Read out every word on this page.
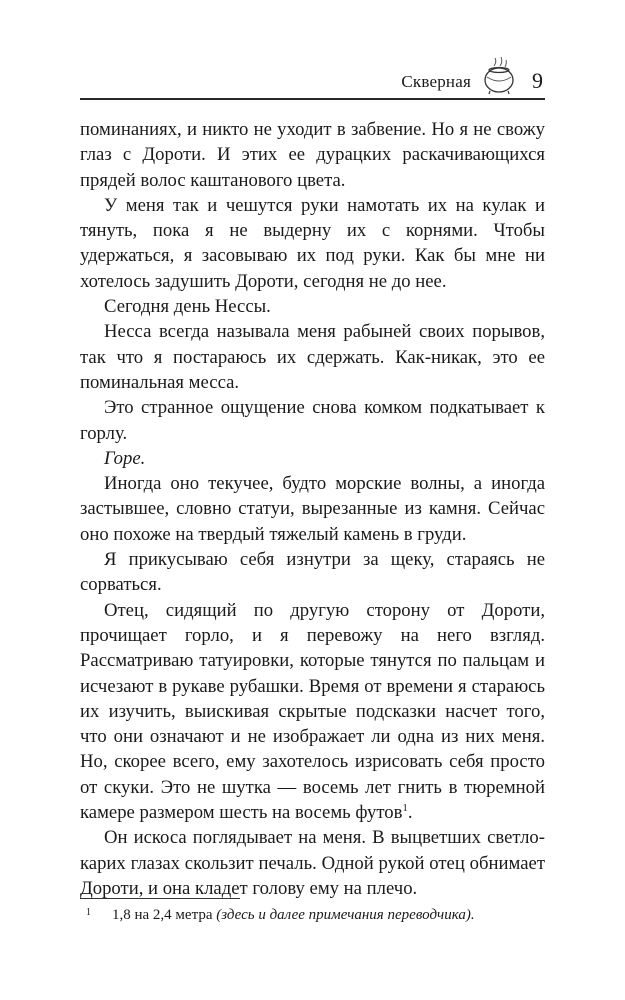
Скверная	9

поминаниях, и никто не уходит в забвение. Но я не свожу глаз с Дороти. И этих ее дурацких раскачивающихся прядей волос каштанового цвета.

У меня так и чешутся руки намотать их на кулак и тянуть, пока я не выдерну их с корнями. Чтобы удержаться, я засовываю их под руки. Как бы мне ни хотелось задушить Дороти, сегодня не до нее.

Сегодня день Нессы.

Несса всегда называла меня рабыней своих порывов, так что я постараюсь их сдержать. Как-никак, это ее поминальная месса.

Это странное ощущение снова комком подкатывает к горлу.

Горе.

Иногда оно текучее, будто морские волны, а иногда застывшее, словно статуи, вырезанные из камня. Сейчас оно похоже на твердый тяжелый камень в груди.

Я прикусываю себя изнутри за щеку, стараясь не сорваться.

Отец, сидящий по другую сторону от Дороти, прочищает горло, и я перевожу на него взгляд. Рассматриваю татуировки, которые тянутся по пальцам и исчезают в рукаве рубашки. Время от времени я стараюсь их изучить, выискивая скрытые подсказки насчет того, что они означают и не изображает ли одна из них меня. Но, скорее всего, ему захотелось изрисовать себя просто от скуки. Это не шутка — восемь лет гнить в тюремной камере размером шесть на восемь футов$^1$.

Он искоса поглядывает на меня. В выцветших светло-карих глазах скользит печаль. Одной рукой отец обнимает Дороти, и она кладет голову ему на плечо.

1 1,8 на 2,4 метра (здесь и далее примечания переводчика).
